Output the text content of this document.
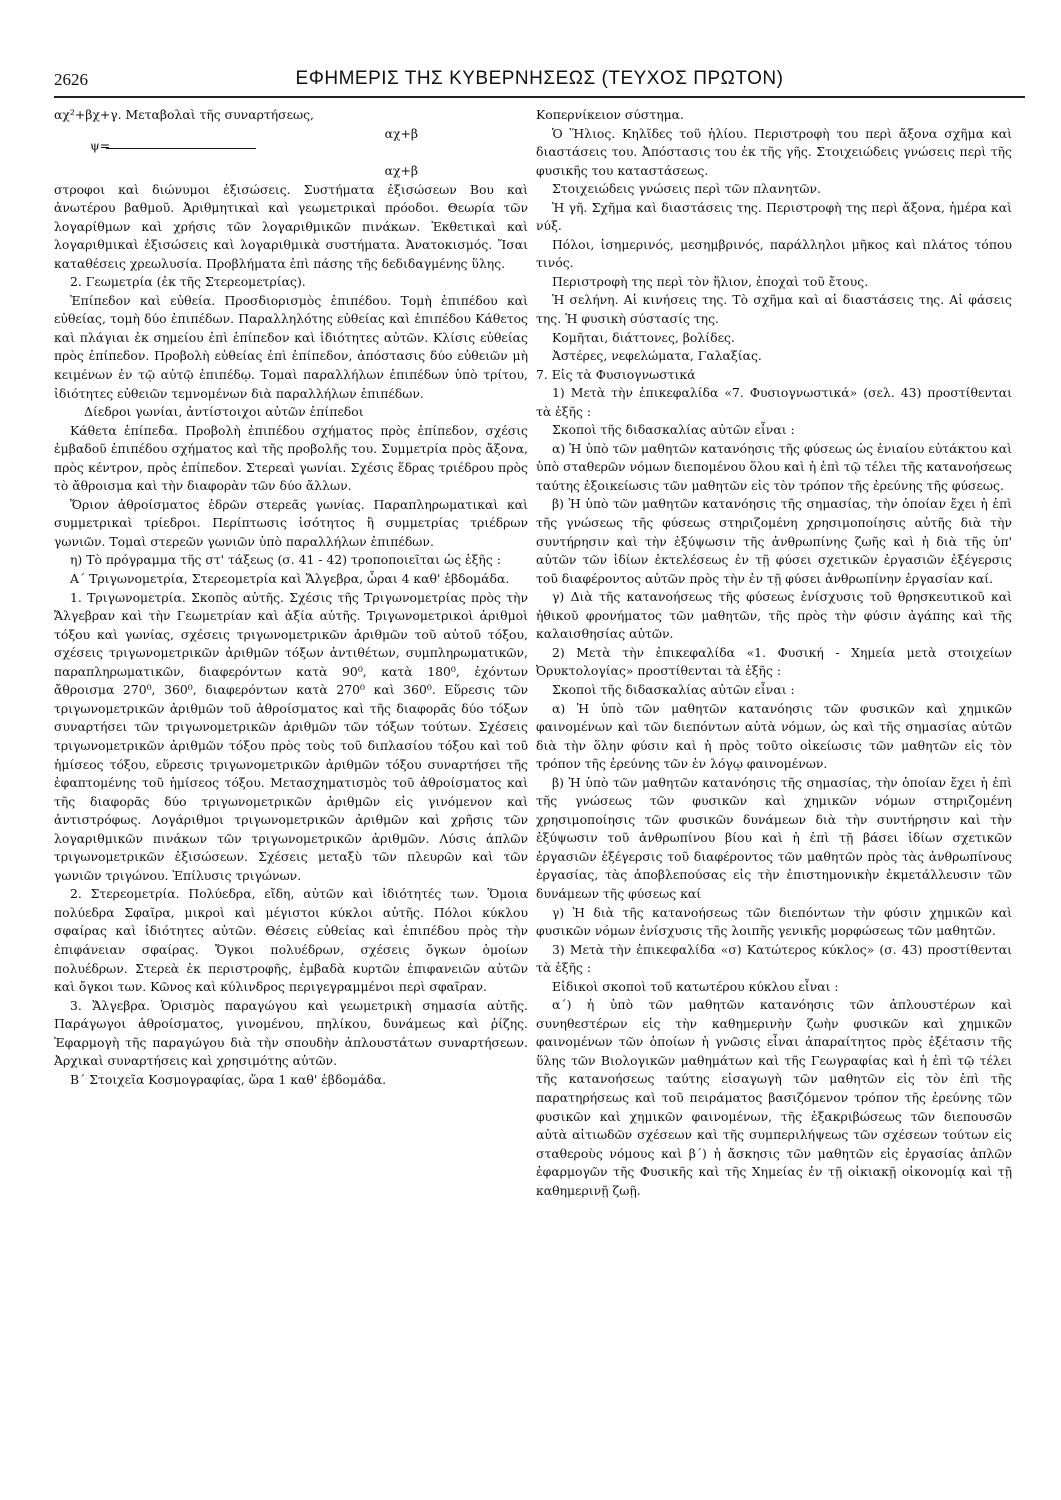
2626	ΕΦΗΜΕΡΙΣ ΤΗΣ ΚΥΒΕΡΝΗΣΕΩΣ (ΤΕΥΧΟΣ ΠΡΩΤΟΝ)

αχ²+βχ+γ. Μεταβολαὶ τῆς συναρτήσεως,

αχ+β
ψ=
αχ+β

στροφοι καὶ διώνυμοι ἐξισώσεις. Συστήματα ἐξισώσεων Βου καὶ ἀνωτέρου βαθμοῦ. Ἀριθμητικαὶ καὶ γεωμετρικαὶ πρόοδοι. Θεωρία τῶν λογαρίθμων καὶ χρήσις τῶν λογαριθμικῶν πινάκων. Ἐκθετικαὶ καὶ λογαριθμικαὶ ἐξισώσεις καὶ λογαριθμικὰ συστήματα. Ἀνατοκισμός. Ἴσαι καταθέσεις χρεωλυσία. Προβλήματα ἐπὶ πάσης τῆς δεδιδαγμένης ὕλης.

2. Γεωμετρία (ἐκ τῆς Στερεομετρίας).

Ἐπίπεδον καὶ εὐθεία. Προσδιορισμὸς ἐπιπέδου. Τομὴ ἐπιπέδου καὶ εὐθείας, τομὴ δύο ἐπιπέδων. Παραλληλότης εὐθείας καὶ ἐπιπέδου Κάθετος καὶ πλάγιαι ἐκ σημείου ἐπὶ ἐπίπεδον καὶ ἰδιότητες αὐτῶν. Κλίσις εὐθείας πρὸς ἐπίπεδον. Προβολὴ εὐθείας ἐπὶ ἐπίπεδον, ἀπόστασις δύο εὐθειῶν μὴ κειμένων ἐν τῷ αὐτῷ ἐπιπέδῳ. Τομαὶ παραλλήλων ἐπιπέδων ὑπὸ τρίτου, ἰδιότητες εὐθειῶν τεμνομένων διὰ παραλλήλων ἐπιπέδων.

Δίεδροι γωνίαι, ἀντίστοιχοι αὐτῶν ἐπίπεδοι

Κάθετα ἐπίπεδα. Προβολὴ ἐπιπέδου σχήματος πρὸς ἐπίπεδον, σχέσις ἐμβαδοῦ ἐπιπέδου σχήματος καὶ τῆς προβολῆς του. Συμμετρία πρὸς ἄξονα, πρὸς κέντρον, πρὸς ἐπίπεδον. Στερεαὶ γωνίαι. Σχέσις ἕδρας τριέδρου πρὸς τὸ ἄθροισμα καὶ τὴν διαφορὰν τῶν δύο ἄλλων.

Ὅριον ἀθροίσματος ἑδρῶν στερεᾶς γωνίας. Παραπληρωματικαὶ καὶ συμμετρικαὶ τρίεδροι. Περίπτωσις ἰσότητος ἢ συμμετρίας τριέδρων γωνιῶν. Τομαὶ στερεῶν γωνιῶν ὑπὸ παραλλήλων ἐπιπέδων.

η) Τὸ πρόγραμμα τῆς στ' τάξεως (σ. 41 - 42) τροποποιεῖται ὡς ἑξῆς :

Α΄ Τριγωνομετρία, Στερεομετρία καὶ Ἄλγεβρα, ὧραι 4 καθ' ἑβδομάδα.

1. Τριγωνομετρία. Σκοπὸς αὐτῆς. Σχέσις τῆς Τριγωνομετρίας πρὸς τὴν Ἄλγεβραν καὶ τὴν Γεωμετρίαν καὶ ἀξία αὐτῆς. Τριγωνομετρικοὶ ἀριθμοὶ τόξου καὶ γωνίας, σχέσεις τριγωνομετρικῶν ἀριθμῶν τοῦ αὐτοῦ τόξου, σχέσεις τριγωνομετρικῶν ἀριθμῶν τόξων ἀντιθέτων, συμπληρωματικῶν, παραπληρωματικῶν, διαφερόντων κατὰ 90⁰, κατὰ 180⁰, ἐχόντων ἄθροισμα 270⁰, 360⁰, διαφερόντων κατὰ 270⁰ καὶ 360⁰. Εὕρεσις τῶν τριγωνομετρικῶν ἀριθμῶν τοῦ ἀθροίσματος καὶ τῆς διαφορᾶς δύο τόξων συναρτήσει τῶν τριγωνομετρικῶν ἀριθμῶν τῶν τόξων τούτων. Σχέσεις τριγωνομετρικῶν ἀριθμῶν τόξου πρὸς τοὺς τοῦ διπλασίου τόξου καὶ τοῦ ἡμίσεος τόξου, εὕρεσις τριγωνομετρικῶν ἀριθμῶν τόξου συναρτήσει τῆς ἐφαπτομένης τοῦ ἡμίσεος τόξου. Μετασχηματισμὸς τοῦ ἀθροίσματος καὶ τῆς διαφορᾶς δύο τριγωνομετρικῶν ἀριθμῶν εἰς γινόμενον καὶ ἀντιστρόφως. Λογάριθμοι τριγωνομετρικῶν ἀριθμῶν καὶ χρῆσις τῶν λογαριθμικῶν πινάκων τῶν τριγωνομετρικῶν ἀριθμῶν. Λύσις ἁπλῶν τριγωνομετρικῶν ἐξισώσεων. Σχέσεις μεταξὺ τῶν πλευρῶν καὶ τῶν γωνιῶν τριγώνου. Ἐπίλυσις τριγώνων.

2. Στερεομετρία. Πολύεδρα, εἴδη, αὐτῶν καὶ ἰδιότητές των. Ὅμοια πολύεδρα Σφαῖρα, μικροὶ καὶ μέγιστοι κύκλοι αὐτῆς. Πόλοι κύκλου σφαίρας καὶ ἰδιότητες αὐτῶν. Θέσεις εὐθείας καὶ ἐπιπέδου πρὸς τὴν ἐπιφάνειαν σφαίρας. Ὄγκοι πολυέδρων, σχέσεις ὄγκων ὁμοίων πολυέδρων. Στερεὰ ἐκ περιστροφῆς, ἐμβαδὰ κυρτῶν ἐπιφανειῶν αὐτῶν καὶ ὄγκοι των. Κῶνος καὶ κύλινδρος περιγεγραμμένοι περὶ σφαῖραν.

3. Ἄλγεβρα. Ὁρισμὸς παραγώγου καὶ γεωμετρικὴ σημασία αὐτῆς. Παράγωγοι ἀθροίσματος, γινομένου, πηλίκου, δυνάμεως καὶ ῥίζης. Ἐφαρμογὴ τῆς παραγώγου διὰ τὴν σπουδὴν ἁπλουστάτων συναρτήσεων. Ἀρχικαὶ συναρτήσεις καὶ χρησιμότης αὐτῶν.

Β΄ Στοιχεῖα Κοσμογραφίας, ὥρα 1 καθ' ἑβδομάδα.

Κοπερνίκειον σύστημα.

Ὁ Ἥλιος. Κηλῖδες τοῦ ἡλίου. Περιστροφὴ του περὶ ἄξονα σχῆμα καὶ διαστάσεις του. Ἀπόστασις του ἐκ τῆς γῆς. Στοιχειώδεις γνώσεις περὶ τῆς φυσικῆς του καταστάσεως.

Στοιχειώδεις γνώσεις περὶ τῶν πλανητῶν.

Ἡ γῆ. Σχῆμα καὶ διαστάσεις της. Περιστροφὴ της περὶ ἄξονα, ἡμέρα καὶ νύξ.

Πόλοι, ἰσημερινός, μεσημβρινός, παράλληλοι μῆκος καὶ πλάτος τόπου τινός.

Περιστροφὴ της περὶ τὸν ἥλιον, ἐποχαὶ τοῦ ἔτους.

Ἡ σελήνη. Αἱ κινήσεις της. Τὸ σχῆμα καὶ αἱ διαστάσεις της. Αἱ φάσεις της. Ἡ φυσικὴ σύστασίς της.

Κομῆται, διάττονες, βολίδες.

Ἀστέρες, νεφελώματα, Γαλαξίας.

7. Εἰς τὰ Φυσιογνωστικά

1) Μετὰ τὴν ἐπικεφαλίδα «7. Φυσιογνωστικά» (σελ. 43) προστίθενται τὰ ἑξῆς :

Σκοποὶ τῆς διδασκαλίας αὐτῶν εἶναι :

α) Ἡ ὑπὸ τῶν μαθητῶν κατανόησις τῆς φύσεως ὡς ἑνιαίου εὐτάκτου καὶ ὑπὸ σταθερῶν νόμων διεπομένου ὅλου καὶ ἡ ἐπὶ τῷ τέλει τῆς κατανοήσεως ταύτης ἐξοικείωσις τῶν μαθητῶν εἰς τὸν τρόπον τῆς ἐρεύνης τῆς φύσεως.

β) Ἡ ὑπὸ τῶν μαθητῶν κατανόησις τῆς σημασίας, τὴν ὁποίαν ἔχει ἡ ἐπὶ τῆς γνώσεως τῆς φύσεως στηριζομένη χρησιμοποίησις αὐτῆς διὰ τὴν συντήρησιν καὶ τὴν ἐξύψωσιν τῆς ἀνθρωπίνης ζωῆς καὶ ἡ διὰ τῆς ὑπ' αὐτῶν τῶν ἰδίων ἐκτελέσεως ἐν τῇ φύσει σχετικῶν ἐργασιῶν ἐξέγερσις τοῦ διαφέροντος αὐτῶν πρὸς τὴν ἐν τῇ φύσει ἀνθρωπίνην ἐργασίαν καί.

γ) Διὰ τῆς κατανοήσεως τῆς φύσεως ἐνίσχυσις τοῦ θρησκευτικοῦ καὶ ἠθικοῦ φρονήματος τῶν μαθητῶν, τῆς πρὸς τὴν φύσιν ἀγάπης καὶ τῆς καλαισθησίας αὐτῶν.

2) Μετὰ τὴν ἐπικεφαλίδα «1. Φυσική - Χημεία μετὰ στοιχείων Ὀρυκτολογίας» προστίθενται τὰ ἑξῆς :

Σκοποὶ τῆς διδασκαλίας αὐτῶν εἶναι :

α) Ἡ ὑπὸ τῶν μαθητῶν κατανόησις τῶν φυσικῶν καὶ χημικῶν φαινομένων καὶ τῶν διεπόντων αὐτὰ νόμων, ὡς καὶ τῆς σημασίας αὐτῶν διὰ τὴν ὅλην φύσιν καὶ ἡ πρὸς τοῦτο οἰκείωσις τῶν μαθητῶν εἰς τὸν τρόπον τῆς ἐρεύνης τῶν ἐν λόγῳ φαινομένων.

β) Ἡ ὑπὸ τῶν μαθητῶν κατανόησις τῆς σημασίας, τὴν ὁποίαν ἔχει ἡ ἐπὶ τῆς γνώσεως τῶν φυσικῶν καὶ χημικῶν νόμων στηριζομένη χρησιμοποίησις τῶν φυσικῶν δυνάμεων διὰ τὴν συντήρησιν καὶ τὴν ἐξύψωσιν τοῦ ἀνθρωπίνου βίου καὶ ἡ ἐπὶ τῇ βάσει ἰδίων σχετικῶν ἐργασιῶν ἐξέγερσις τοῦ διαφέροντος τῶν μαθητῶν πρὸς τὰς ἀνθρωπίνους ἐργασίας, τὰς ἀποβλεπούσας εἰς τὴν ἐπιστημονικὴν ἐκμετάλλευσιν τῶν δυνάμεων τῆς φύσεως καί

γ) Ἡ διὰ τῆς κατανοήσεως τῶν διεπόντων τὴν φύσιν χημικῶν καὶ φυσικῶν νόμων ἐνίσχυσις τῆς λοιπῆς γενικῆς μορφώσεως τῶν μαθητῶν.

3) Μετὰ τὴν ἐπικεφαλίδα «σ) Κατώτερος κύκλος» (σ. 43) προστίθενται τὰ ἑξῆς :

Εἰδικοὶ σκοποὶ τοῦ κατωτέρου κύκλου εἶναι :

α΄) ἡ ὑπὸ τῶν μαθητῶν κατανόησις τῶν ἁπλουστέρων καὶ συνηθεστέρων εἰς τὴν καθημερινὴν ζωὴν φυσικῶν καὶ χημικῶν φαινομένων τῶν ὁποίων ἡ γνῶσις εἶναι ἀπαραίτητος πρὸς ἐξέτασιν τῆς ὕλης τῶν Βιολογικῶν μαθημάτων καὶ τῆς Γεωγραφίας καὶ ἡ ἐπὶ τῷ τέλει τῆς κατανοήσεως ταύτης εἰσαγωγὴ τῶν μαθητῶν εἰς τὸν ἐπὶ τῆς παρατηρήσεως καὶ τοῦ πειράματος βασιζόμενον τρόπον τῆς ἐρεύνης τῶν φυσικῶν καὶ χημικῶν φαινομένων, τῆς ἐξακριβώσεως τῶν διεπουσῶν αὐτὰ αἰτιωδῶν σχέσεων καὶ τῆς συμπεριλήψεως τῶν σχέσεων τούτων εἰς σταθεροὺς νόμους καὶ β΄) ἡ ἄσκησις τῶν μαθητῶν εἰς ἐργασίας ἁπλῶν ἐφαρμογῶν τῆς Φυσικῆς καὶ τῆς Χημείας ἐν τῇ οἰκιακῇ οἰκονομίᾳ καὶ τῇ καθημερινῇ ζωῇ.
